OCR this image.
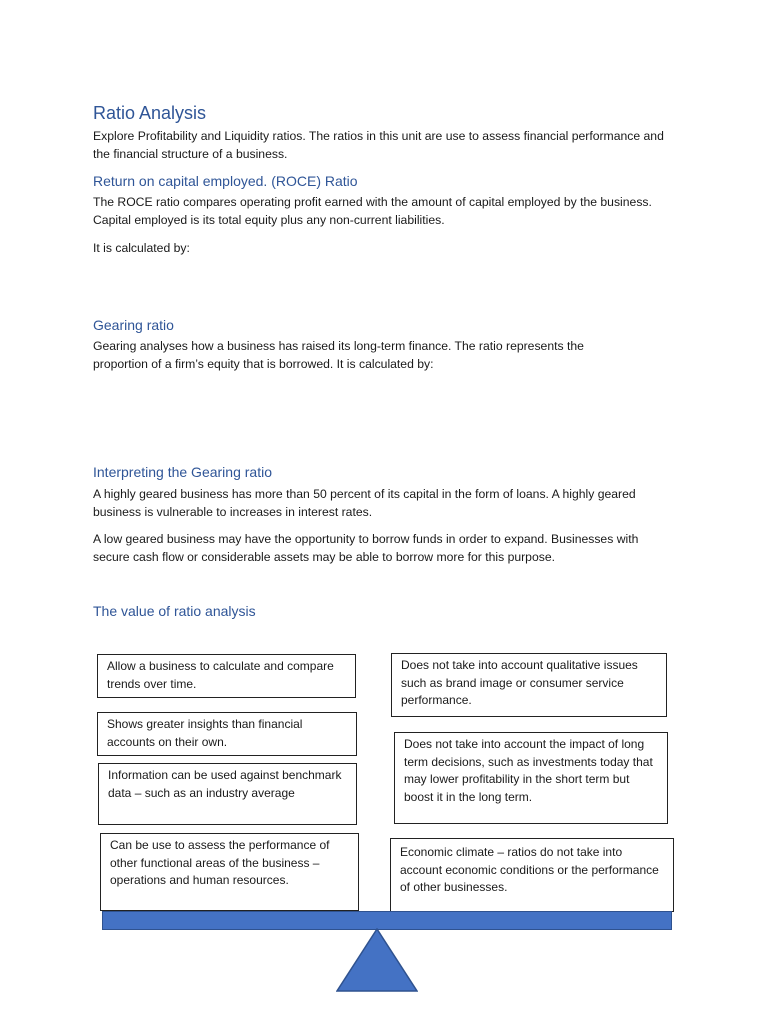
Ratio Analysis

Explore Profitability and Liquidity ratios. The ratios in this unit are use to assess financial performance and the financial structure of a business.

Return on capital employed. (ROCE) Ratio

The ROCE ratio compares operating profit earned with the amount of capital employed by the business. Capital employed is its total equity plus any non-current liabilities.

It is calculated by:

Gearing ratio

Gearing analyses how a business has raised its long-term finance. The ratio represents the proportion of a firm’s equity that is borrowed. It is calculated by:

Interpreting the Gearing ratio

A highly geared business has more than 50 percent of its capital in the form of loans. A highly geared business is vulnerable to increases in interest rates.

A low geared business may have the opportunity to borrow funds in order to expand. Businesses with secure cash flow or considerable assets may be able to borrow more for this purpose.

The value of ratio analysis
Allow a business to calculate and compare trends over time.
Shows greater insights than financial accounts on their own.
Information can be used against benchmark data – such as an industry average
Can be use to assess the performance of other functional areas of the business – operations and human resources.
Does not take into account qualitative issues such as brand image or consumer service performance.
Does not take into account the impact of long term decisions, such as investments today that may lower profitability in the short term but boost it in the long term.
Economic climate – ratios do not take into account economic conditions or the performance of other businesses.
